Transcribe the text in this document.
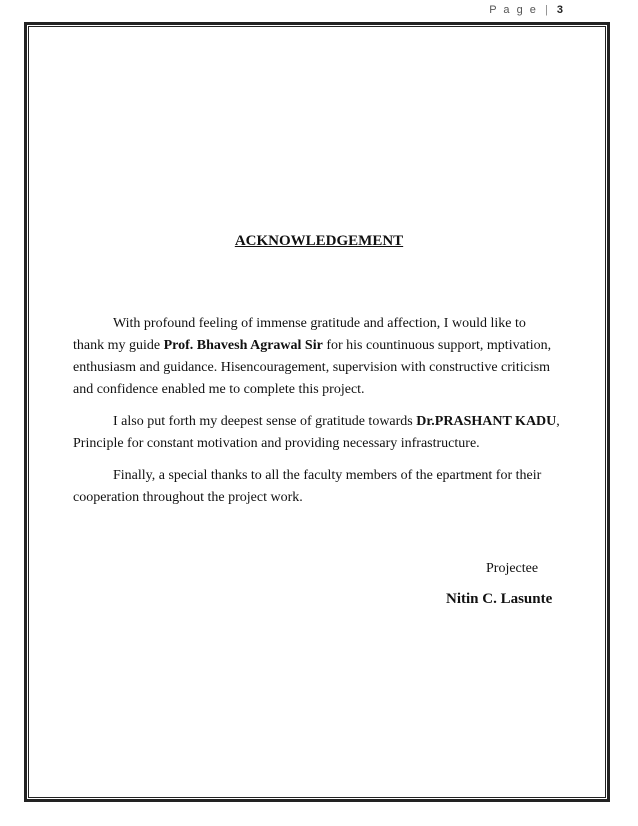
P a g e | 3
ACKNOWLEDGEMENT

With profound feeling of immense gratitude and affection, I would like to thank my guide Prof. Bhavesh Agrawal Sir for his countinuous support, mptivation, enthusiasm and guidance. Hisencouragement, supervision with constructive criticism and confidence enabled me to complete this project.

I also put forth my deepest sense of gratitude towards Dr.PRASHANT KADU, Principle for constant motivation and providing necessary infrastructure.

Finally, a special thanks to all the faculty members of the epartment for their cooperation throughout the project work.

Projectee
Nitin C. Lasunte
